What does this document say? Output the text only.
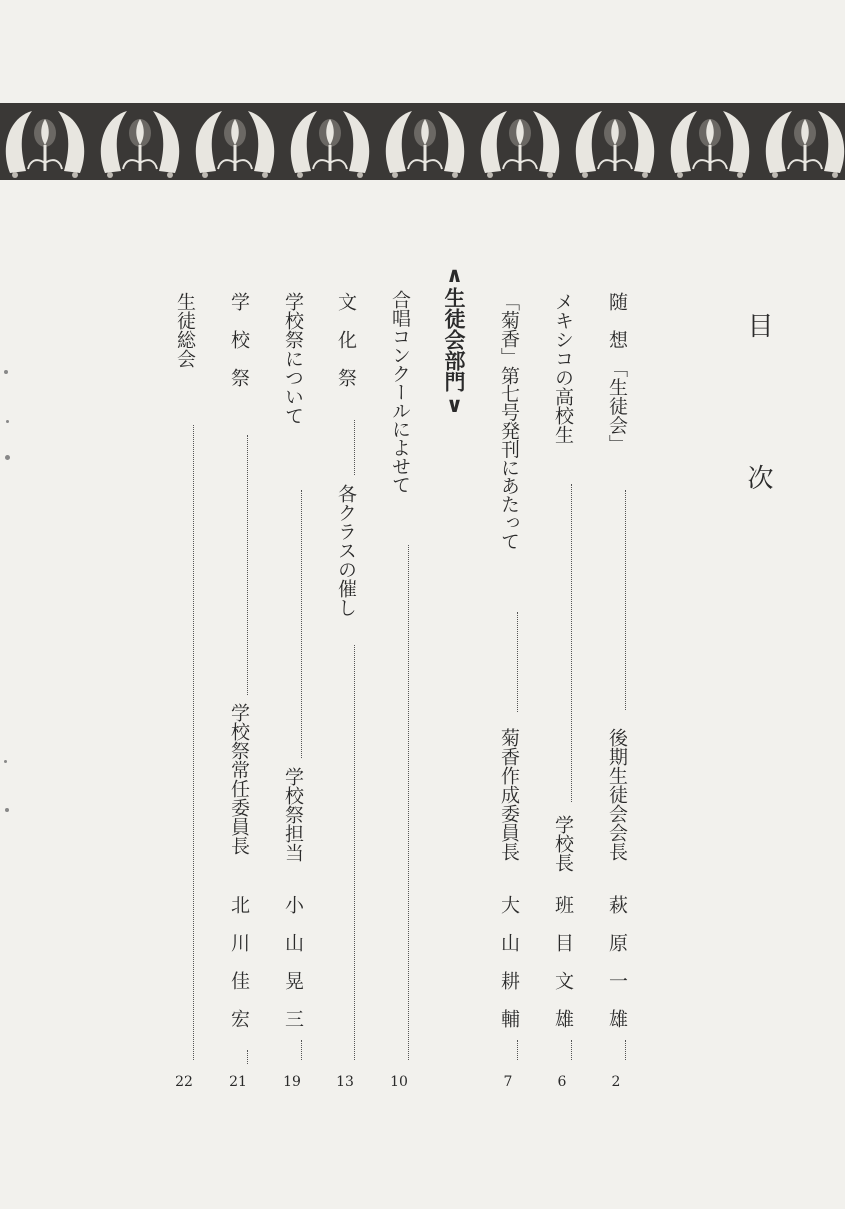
目
次
随　想　「生徒会」
後期生徒会会長
萩　原　一　雄
2
メキシコの高校生
学校長
班　目　文　雄
6
「菊香」第七号発刊にあたって
菊香作成委員長
大　山　耕　輔
7
∧生徒会部門∨
合唱コンクールによせて
10
文　化　祭
各クラスの催し
13
学校祭について
学校祭担当
小　山　晃　三
19
学　校　祭
学校祭常任委員長
北　川　佳　宏
21
生徒総会
22
